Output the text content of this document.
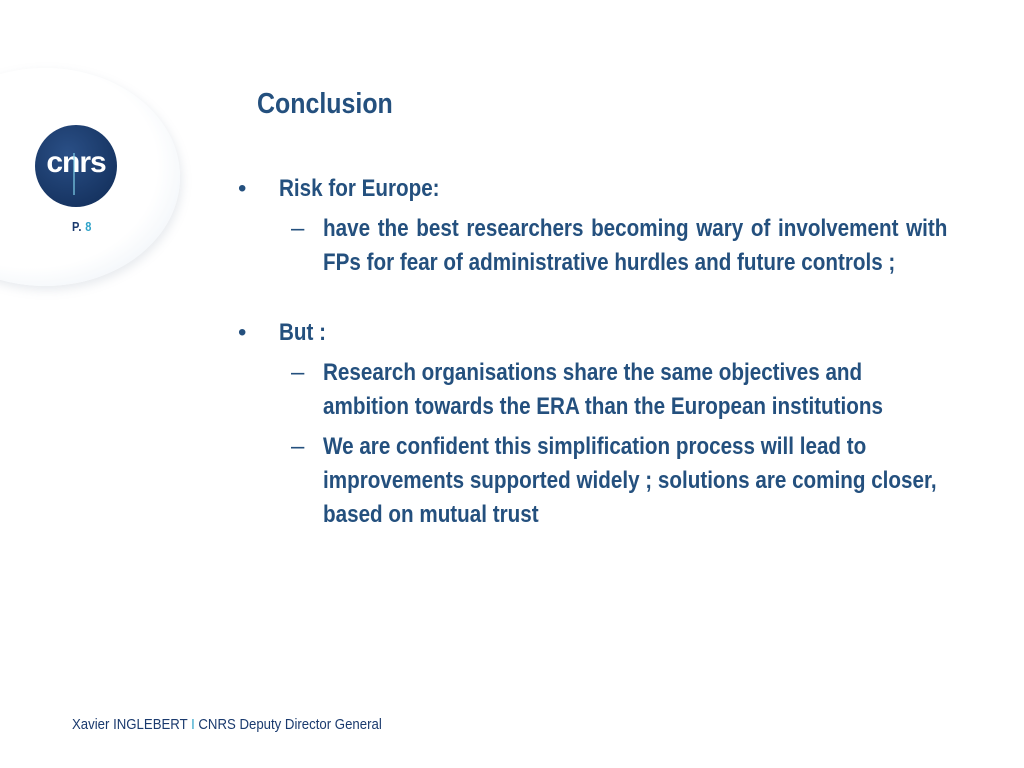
cnrs
P. 8
Conclusion

• Risk for Europe:

– have the best researchers becoming wary of involvement with FPs for fear of administrative hurdles and future controls ;

• But :

– Research organisations share the same objectives and ambition towards the ERA than the European institutions

– We are confident this simplification process will lead to improvements supported widely ; solutions are coming closer, based on mutual trust

Xavier INGLEBERT I CNRS Deputy Director General
